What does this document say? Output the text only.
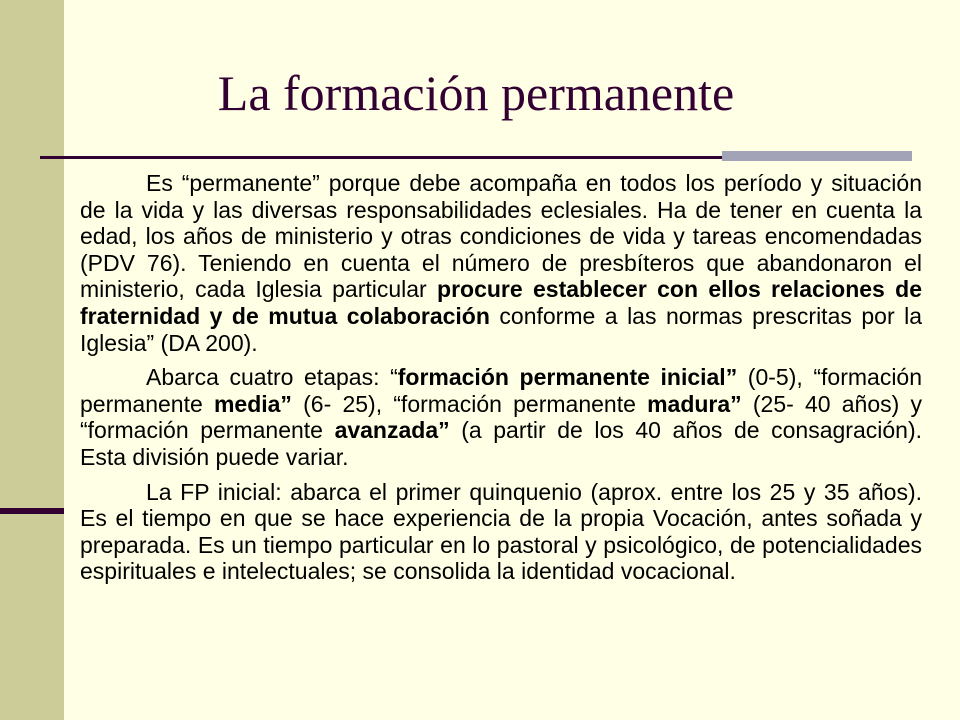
La formación permanente

Es “permanente” porque debe acompaña en todos los período y situación de la vida y las diversas responsabilidades eclesiales. Ha de tener en cuenta la edad, los años de ministerio y otras condiciones de vida y tareas encomendadas (PDV 76). Teniendo en cuenta el número de presbíteros que abandonaron el ministerio, cada Iglesia particular procure establecer con ellos relaciones de fraternidad y de mutua colaboración conforme a las normas prescritas por la Iglesia” (DA 200).

Abarca cuatro etapas: “formación permanente inicial” (0-5), “formación permanente media” (6- 25), “formación permanente madura” (25- 40 años) y “formación permanente avanzada” (a partir de los 40 años de consagración). Esta división puede variar.

La FP inicial: abarca el primer quinquenio (aprox. entre los 25 y 35 años). Es el tiempo en que se hace experiencia de la propia Vocación, antes soñada y preparada. Es un tiempo particular en lo pastoral y psicológico, de potencialidades espirituales e intelectuales; se consolida la identidad vocacional.
